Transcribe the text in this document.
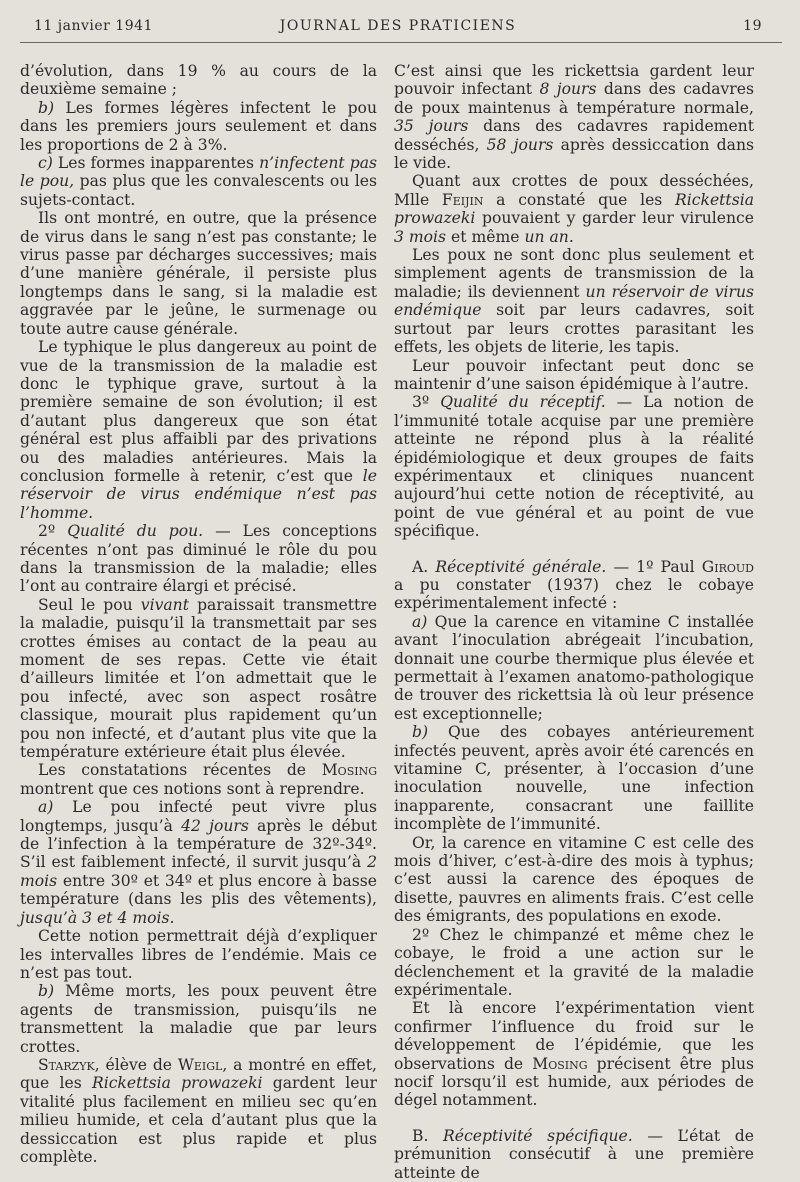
11 janvier 1941	JOURNAL DES PRATICIENS	19

d’évolution, dans 19 % au cours de la deuxième semaine ;

b) Les formes légères infectent le pou dans les premiers jours seulement et dans les proportions de 2 à 3%.

c) Les formes inapparentes n’infectent pas le pou, pas plus que les convalescents ou les sujets-contact.

Ils ont montré, en outre, que la présence de virus dans le sang n’est pas constante; le virus passe par décharges successives; mais d’une manière générale, il persiste plus longtemps dans le sang, si la maladie est aggravée par le jeûne, le surmenage ou toute autre cause générale.

Le typhique le plus dangereux au point de vue de la transmission de la maladie est donc le typhique grave, surtout à la première semaine de son évolution; il est d’autant plus dangereux que son état général est plus affaibli par des privations ou des maladies antérieures. Mais la conclusion formelle à retenir, c’est que le réservoir de virus endémique n’est pas l’homme.

2º Qualité du pou. — Les conceptions récentes n’ont pas diminué le rôle du pou dans la transmission de la maladie; elles l’ont au contraire élargi et précisé.

Seul le pou vivant paraissait transmettre la maladie, puisqu’il la transmettait par ses crottes émises au contact de la peau au moment de ses repas. Cette vie était d’ailleurs limitée et l’on admettait que le pou infecté, avec son aspect rosâtre classique, mourait plus rapidement qu’un pou non infecté, et d’autant plus vite que la température extérieure était plus élevée.

Les constatations récentes de Mosing montrent que ces notions sont à reprendre.

a) Le pou infecté peut vivre plus longtemps, jusqu’à 42 jours après le début de l’infection à la température de 32º-34º. S’il est faiblement infecté, il survit jusqu’à 2 mois entre 30º et 34º et plus encore à basse température (dans les plis des vêtements), jusqu’à 3 et 4 mois.

Cette notion permettrait déjà d’expliquer les intervalles libres de l’endémie. Mais ce n’est pas tout.

b) Même morts, les poux peuvent être agents de transmission, puisqu’ils ne transmettent la maladie que par leurs crottes.

Starzyk, élève de Weigl, a montré en effet, que les Rickettsia prowazeki gardent leur vitalité plus facilement en milieu sec qu’en milieu humide, et cela d’autant plus que la dessiccation est plus rapide et plus complète.

C’est ainsi que les rickettsia gardent leur pouvoir infectant 8 jours dans des cadavres de poux maintenus à température normale, 35 jours dans des cadavres rapidement desséchés, 58 jours après dessiccation dans le vide.

Quant aux crottes de poux desséchées, Mlle Feijin a constaté que les Rickettsia prowazeki pouvaient y garder leur virulence 3 mois et même un an.

Les poux ne sont donc plus seulement et simplement agents de transmission de la maladie; ils deviennent un réservoir de virus endémique soit par leurs cadavres, soit surtout par leurs crottes parasitant les effets, les objets de literie, les tapis.

Leur pouvoir infectant peut donc se maintenir d’une saison épidémique à l’autre.

3º Qualité du réceptif. — La notion de l’immunité totale acquise par une première atteinte ne répond plus à la réalité épidémiologique et deux groupes de faits expérimentaux et cliniques nuancent aujourd’hui cette notion de réceptivité, au point de vue général et au point de vue spécifique.

A. Réceptivité générale. — 1º Paul Giroud a pu constater (1937) chez le cobaye expérimentalement infecté :

a) Que la carence en vitamine C installée avant l’inoculation abrégeait l’incubation, donnait une courbe thermique plus élevée et permettait à l’examen anatomo-pathologique de trouver des rickettsia là où leur présence est exceptionnelle;

b) Que des cobayes antérieurement infectés peuvent, après avoir été carencés en vitamine C, présenter, à l’occasion d’une inoculation nouvelle, une infection inapparente, consacrant une faillite incomplète de l’immunité.

Or, la carence en vitamine C est celle des mois d’hiver, c’est-à-dire des mois à typhus; c’est aussi la carence des époques de disette, pauvres en aliments frais. C’est celle des émigrants, des populations en exode.

2º Chez le chimpanzé et même chez le cobaye, le froid a une action sur le déclenchement et la gravité de la maladie expérimentale.

Et là encore l’expérimentation vient confirmer l’influence du froid sur le développement de l’épidémie, que les observations de Mosing précisent être plus nocif lorsqu’il est humide, aux périodes de dégel notamment.

B. Réceptivité spécifique. — L’état de prémunition consécutif à une première atteinte de
